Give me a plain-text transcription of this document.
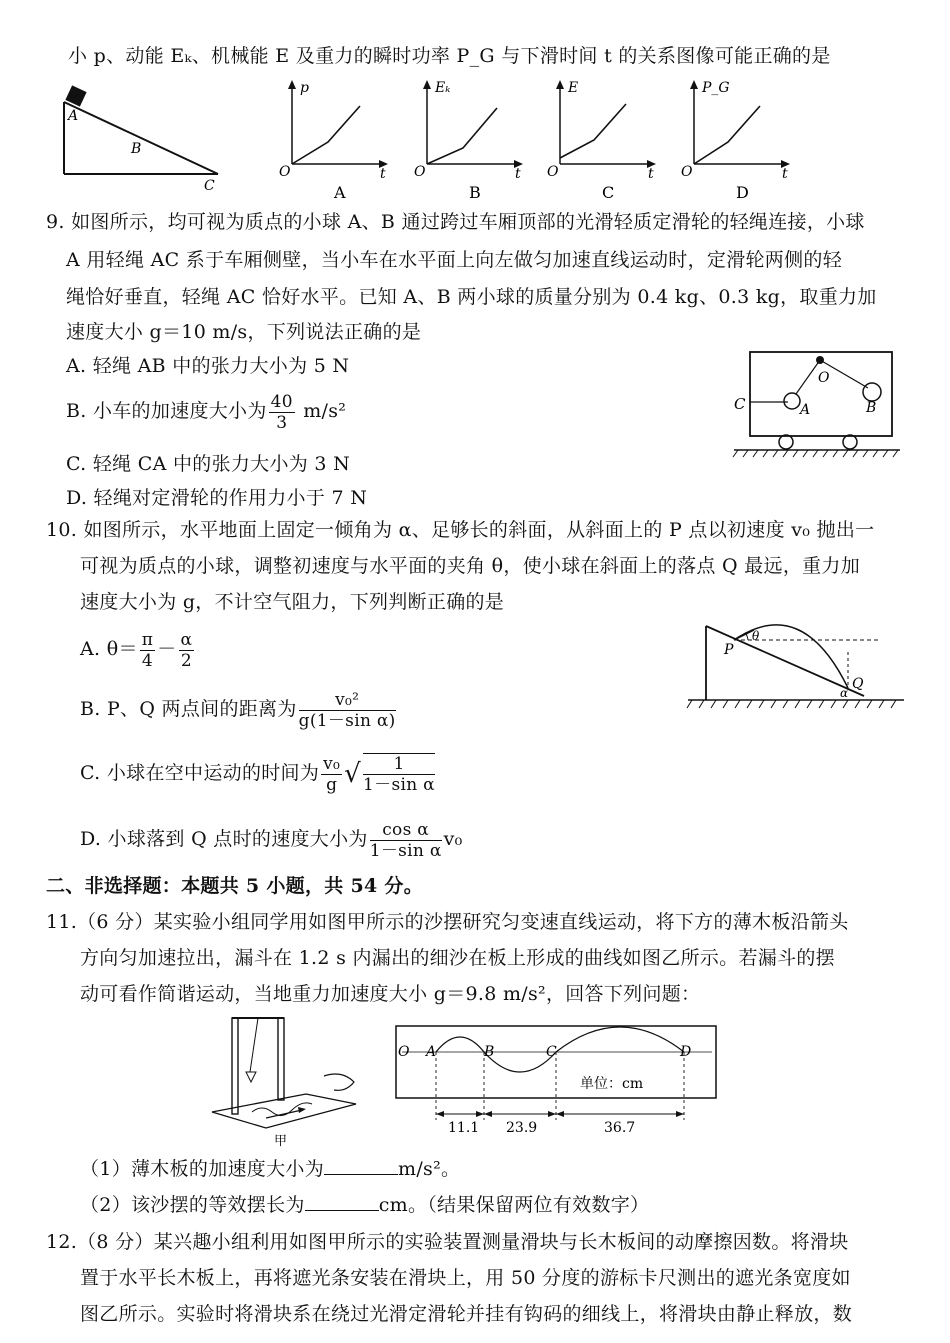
小 p、动能 Eₖ、机械能 E 及重力的瞬时功率 P_G 与下滑时间 t 的关系图像可能正确的是
A
B
C
p
O	t
A
Eₖ
O	t
B
E
O	t
C
P_G
O	t
D
9. 如图所示，均可视为质点的小球 A、B 通过跨过车厢顶部的光滑轻质定滑轮的轻绳连接，小球
A 用轻绳 AC 系于车厢侧壁，当小车在水平面上向左做匀加速直线运动时，定滑轮两侧的轻
绳恰好垂直，轻绳 AC 恰好水平。已知 A、B 两小球的质量分别为 0.4 kg、0.3 kg，取重力加
速度大小 g＝10 m/s，下列说法正确的是
A. 轻绳 AB 中的张力大小为 5 N
B. 小车的加速度大小为 $\frac{40}{3} m/s^2$
C. 轻绳 CA 中的张力大小为 3 N
D. 轻绳对定滑轮的作用力小于 7 N
C
O
A	B
10. 如图所示，水平地面上固定一倾角为 α、足够长的斜面，从斜面上的 P 点以初速度 v₀ 抛出一
可视为质点的小球，调整初速度与水平面的夹角 θ，使小球在斜面上的落点 Q 最远，重力加
速度大小为 g，不计空气阻力，下列判断正确的是
A. $\theta= \frac{\pi}{4} - \frac{\alpha}{2}$
B. P、Q 两点间的距离为 $\frac{\text{v₀²}}{\text{g(1－sin α)}}$
C. 小球在空中运动的时间为 $\frac{\text{v₀}}{g}$ √ $\frac{1}{\text{1－sin α}}$
D. 小球落到 Q 点时的速度大小为 $\frac{\text{cos α}}{\text{1－sin α}} v_0$
P
θ
Q
α
二、非选择题：本题共 5 小题，共 54 分。
11.（6 分）某实验小组同学用如图甲所示的沙摆研究匀变速直线运动，将下方的薄木板沿箭头
方向匀加速拉出，漏斗在 1.2 s 内漏出的细沙在板上形成的曲线如图乙所示。若漏斗的摆
动可看作简谐运动，当地重力加速度大小 g＝9.8 m/s²，回答下列问题：
甲
O A	B	C	D
单位：cm
11.1 23.9	36.7
（1）薄木板的加速度大小为	m/s²。
（2）该沙摆的等效摆长为	cm。（结果保留两位有效数字）
12.（8 分）某兴趣小组利用如图甲所示的实验装置测量滑块与长木板间的动摩擦因数。将滑块
置于水平长木板上，再将遮光条安装在滑块上，用 50 分度的游标卡尺测出的遮光条宽度如
图乙所示。实验时将滑块系在绕过光滑定滑轮并挂有钩码的细线上，将滑块由静止释放，数
